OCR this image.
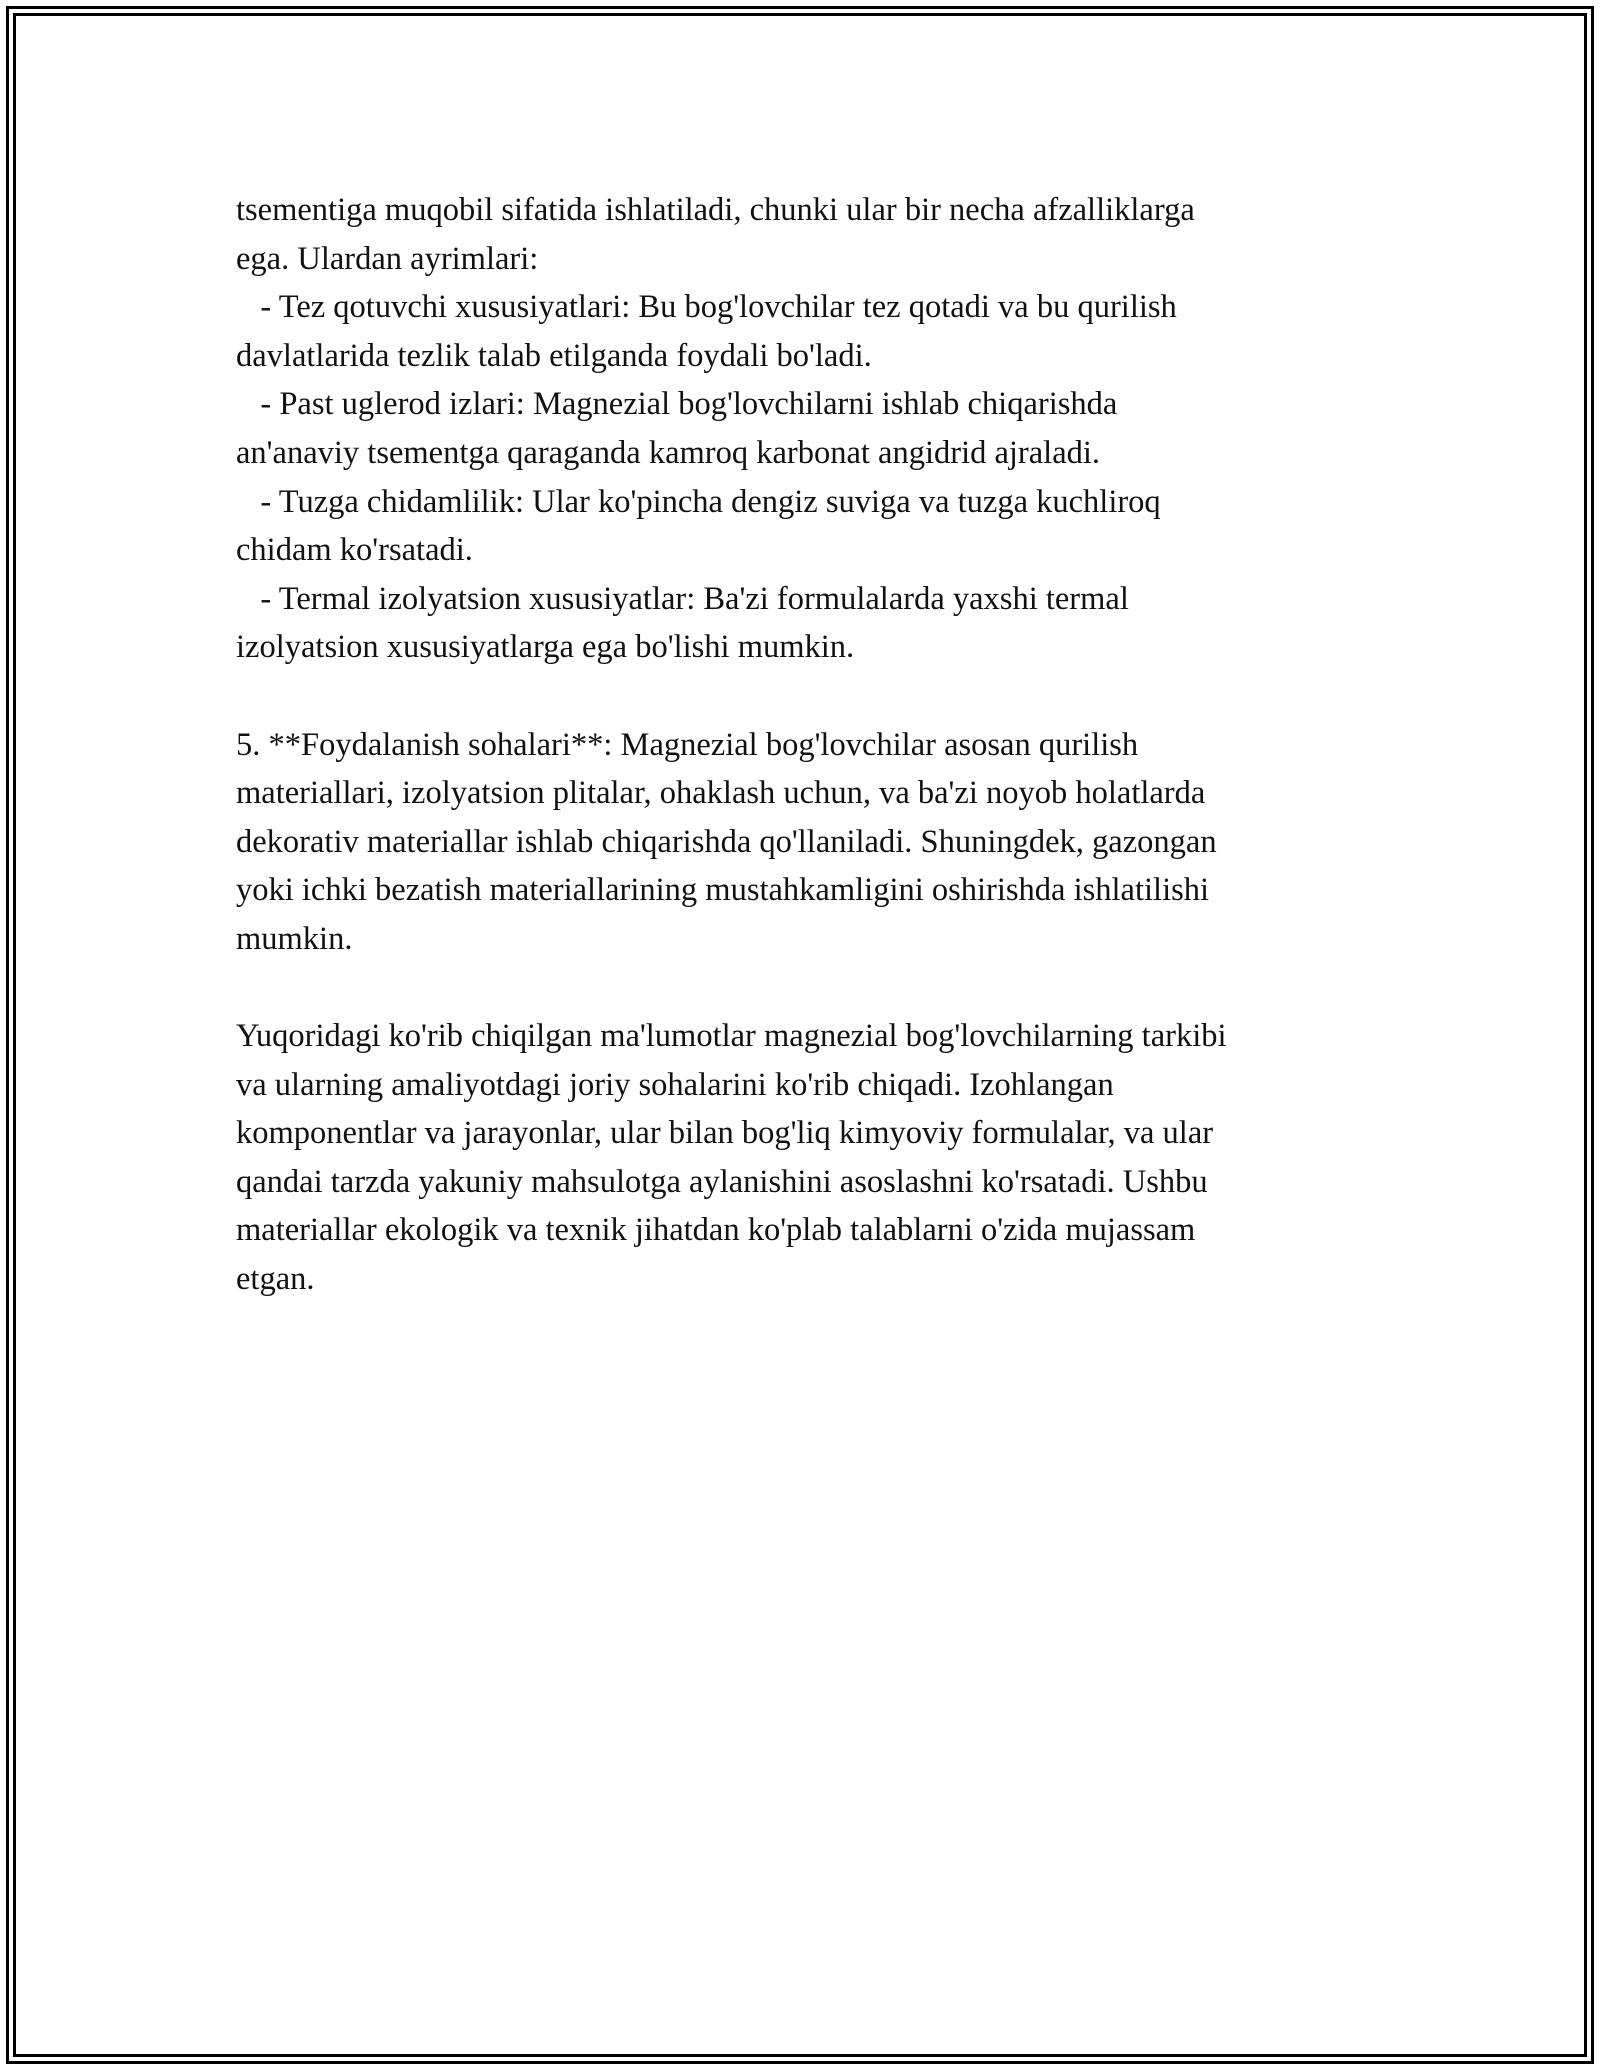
tsementiga muqobil sifatida ishlatiladi, chunki ular bir necha afzalliklarga
ega. Ulardan ayrimlari:
- Tez qotuvchi xususiyatlari: Bu bog'lovchilar tez qotadi va bu qurilish
davlatlarida tezlik talab etilganda foydali bo'ladi.
- Past uglerod izlari: Magnezial bog'lovchilarni ishlab chiqarishda
an'anaviy tsementga qaraganda kamroq karbonat angidrid ajraladi.
- Tuzga chidamlilik: Ular ko'pincha dengiz suviga va tuzga kuchliroq
chidam ko'rsatadi.
- Termal izolyatsion xususiyatlar: Ba'zi formulalarda yaxshi termal
izolyatsion xususiyatlarga ega bo'lishi mumkin.
5. **Foydalanish sohalari**: Magnezial bog'lovchilar asosan qurilish
materiallari, izolyatsion plitalar, ohaklash uchun, va ba'zi noyob holatlarda
dekorativ materiallar ishlab chiqarishda qo'llaniladi. Shuningdek, gazongan
yoki ichki bezatish materiallarining mustahkamligini oshirishda ishlatilishi
mumkin.
Yuqoridagi ko'rib chiqilgan ma'lumotlar magnezial bog'lovchilarning tarkibi
va ularning amaliyotdagi joriy sohalarini ko'rib chiqadi. Izohlangan
komponentlar va jarayonlar, ular bilan bog'liq kimyoviy formulalar, va ular
qandai tarzda yakuniy mahsulotga aylanishini asoslashni ko'rsatadi. Ushbu
materiallar ekologik va texnik jihatdan ko'plab talablarni o'zida mujassam
etgan.
